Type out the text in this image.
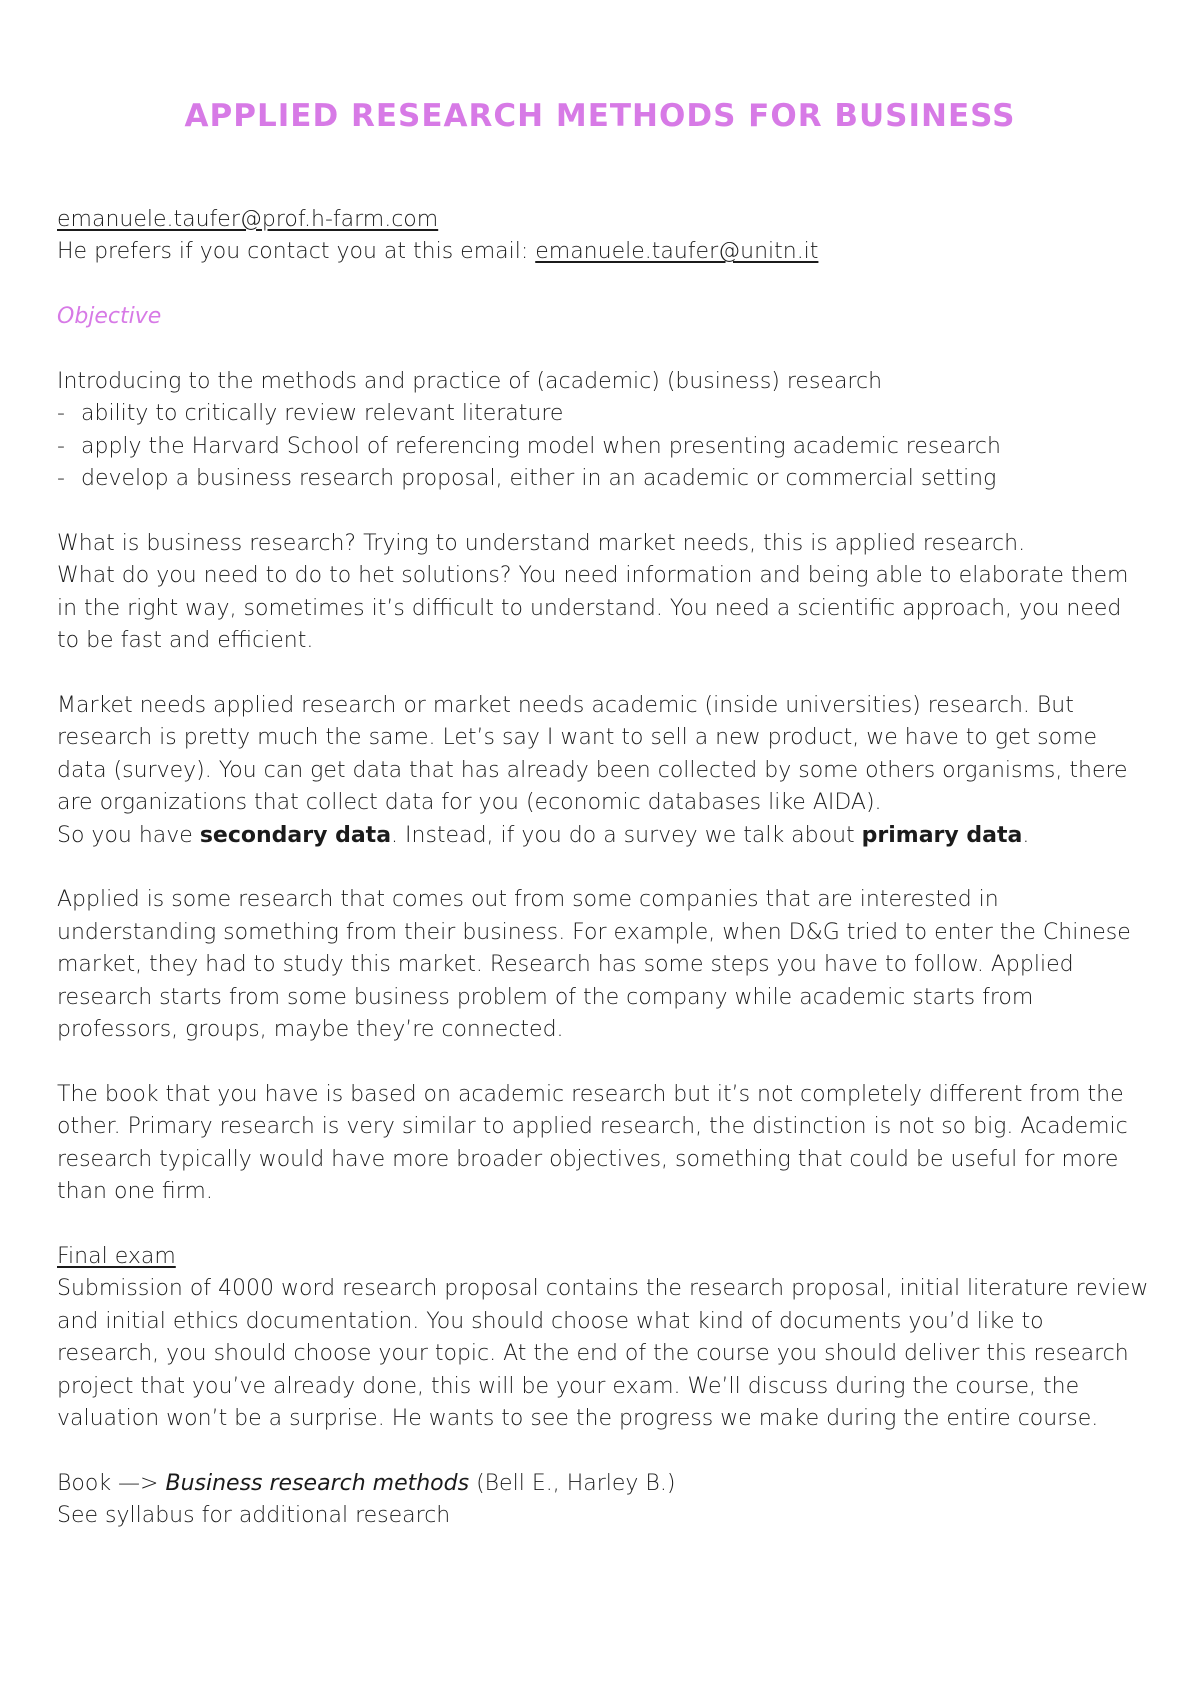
APPLIED RESEARCH METHODS FOR BUSINESS

emanuele.taufer@prof.h-farm.com

He prefers if you contact you at this email: emanuele.taufer@unitn.it

Objective

Introducing to the methods and practice of (academic) (business) research

- ability to critically review relevant literature
- apply the Harvard School of referencing model when presenting academic research
- develop a business research proposal, either in an academic or commercial setting

What is business research? Trying to understand market needs, this is applied research.

What do you need to do to het solutions? You need information and being able to elaborate them in the right way, sometimes it’s difficult to understand. You need a scientific approach, you need to be fast and efficient.

Market needs applied research or market needs academic (inside universities) research. But research is pretty much the same. Let’s say I want to sell a new product, we have to get some data (survey). You can get data that has already been collected by some others organisms, there are organizations that collect data for you (economic databases like AIDA).

So you have secondary data. Instead, if you do a survey we talk about primary data.

Applied is some research that comes out from some companies that are interested in understanding something from their business. For example, when D&G tried to enter the Chinese market, they had to study this market. Research has some steps you have to follow. Applied research starts from some business problem of the company while academic starts from professors, groups, maybe they’re connected.

The book that you have is based on academic research but it’s not completely different from the other. Primary research is very similar to applied research, the distinction is not so big. Academic research typically would have more broader objectives, something that could be useful for more than one firm.

Final exam

Submission of 4000 word research proposal contains the research proposal, initial literature review and initial ethics documentation. You should choose what kind of documents you’d like to research, you should choose your topic. At the end of the course you should deliver this research project that you’ve already done, this will be your exam. We’ll discuss during the course, the valuation won’t be a surprise. He wants to see the progress we make during the entire course.

Book —> Business research methods (Bell E., Harley B.)

See syllabus for additional research
